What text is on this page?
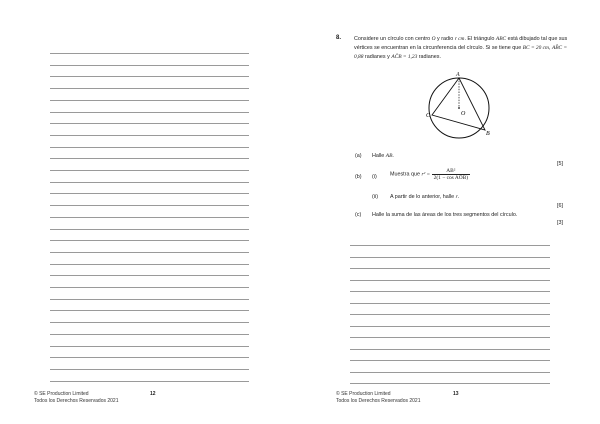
© SE Production Limited
Todos los Derechos Reservados 2021
12	© SE Production Limited
Todos los Derechos Reservados 2021
13
8. Considere un círculo con centro O y radio r cm. El triángulo ABC está dibujado tal que sus vértices se encuentran en la circunferencia del círculo. Si se tiene que BC = 20 cm, AB̂C = 0,88 radianes y AĈB = 1,23 radianes.
A
B
C	O
(a) Halle AB.
[5]
(b) (i) Muestra que $r^2 = \frac{\text{AB²}}{\text{2(1 − cos AÔB)}}$
(ii) A partir de lo anterior, halle r.
[6]
(c) Halle la suma de las áreas de los tres segmentos del círculo.
[3]
